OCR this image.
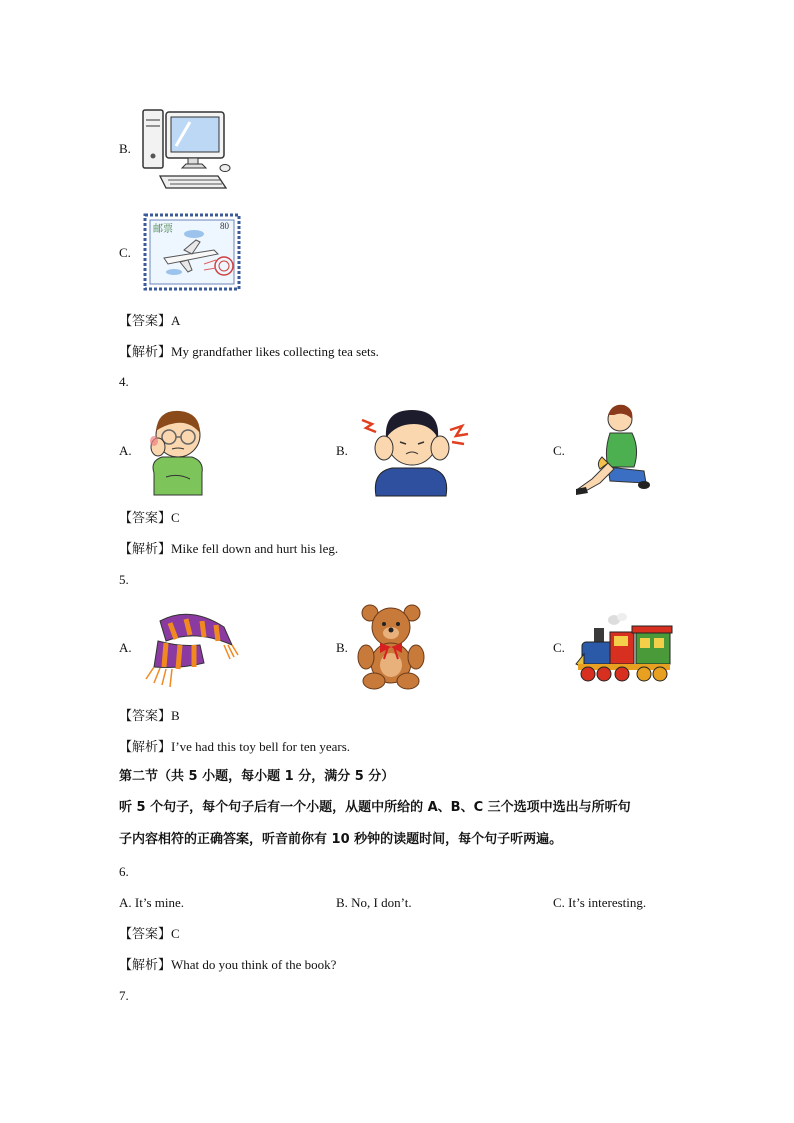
B.
C.
邮票	80
【答案】A
【解析】My grandfather likes collecting tea sets.
4.
A.	B.	C.
【答案】C
【解析】Mike fell down and hurt his leg.
5.
A.	B.	C.
【答案】B
【解析】I’ve had this toy bell for ten years.
第二节（共 5 小题，每小题 1 分，满分 5 分）
听 5 个句子，每个句子后有一个小题，从题中所给的 A、B、C 三个选项中选出与所听句
子内容相符的正确答案，听音前你有 10 秒钟的读题时间，每个句子听两遍。
6.
A. It’s mine.	B. No, I don’t.	C. It’s interesting.
【答案】C
【解析】What do you think of the book?
7.
